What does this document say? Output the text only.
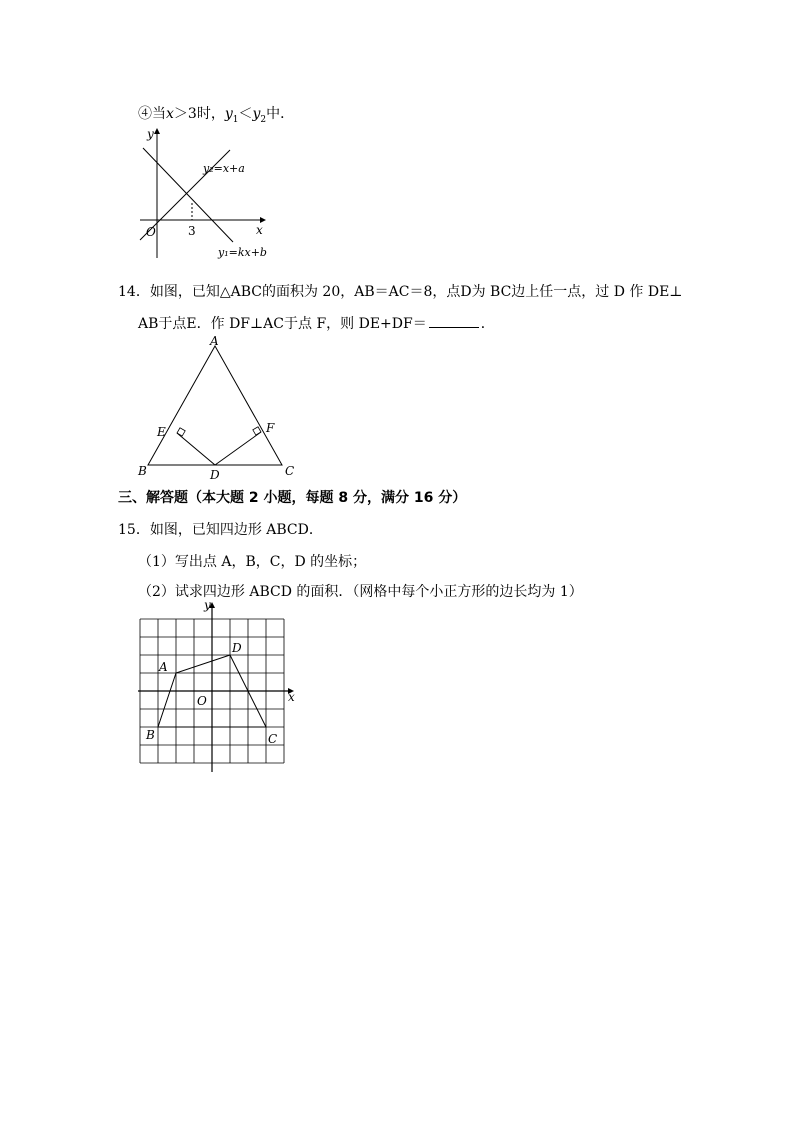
④当x＞3时，$y_1<y_2$中．
y
x
O	3
y₂=x+a
y₁=kx+b
14．如图，已知△ABC的面积为 20，AB＝AC＝8，点D为 BC边上任一点，过 D 作 DE⊥
AB于点E．作 DF⊥AC于点 F，则 DE+DF＝	．
A
B	C
D
E	F
三、解答题（本大题 2 小题，每题 8 分，满分 16 分）
15．如图，已知四边形 ABCD．
（1）写出点 A，B，C，D 的坐标；
（2）试求四边形 ABCD 的面积．（网格中每个小正方形的边长均为 1）
y
x
O
A
B	C
D
